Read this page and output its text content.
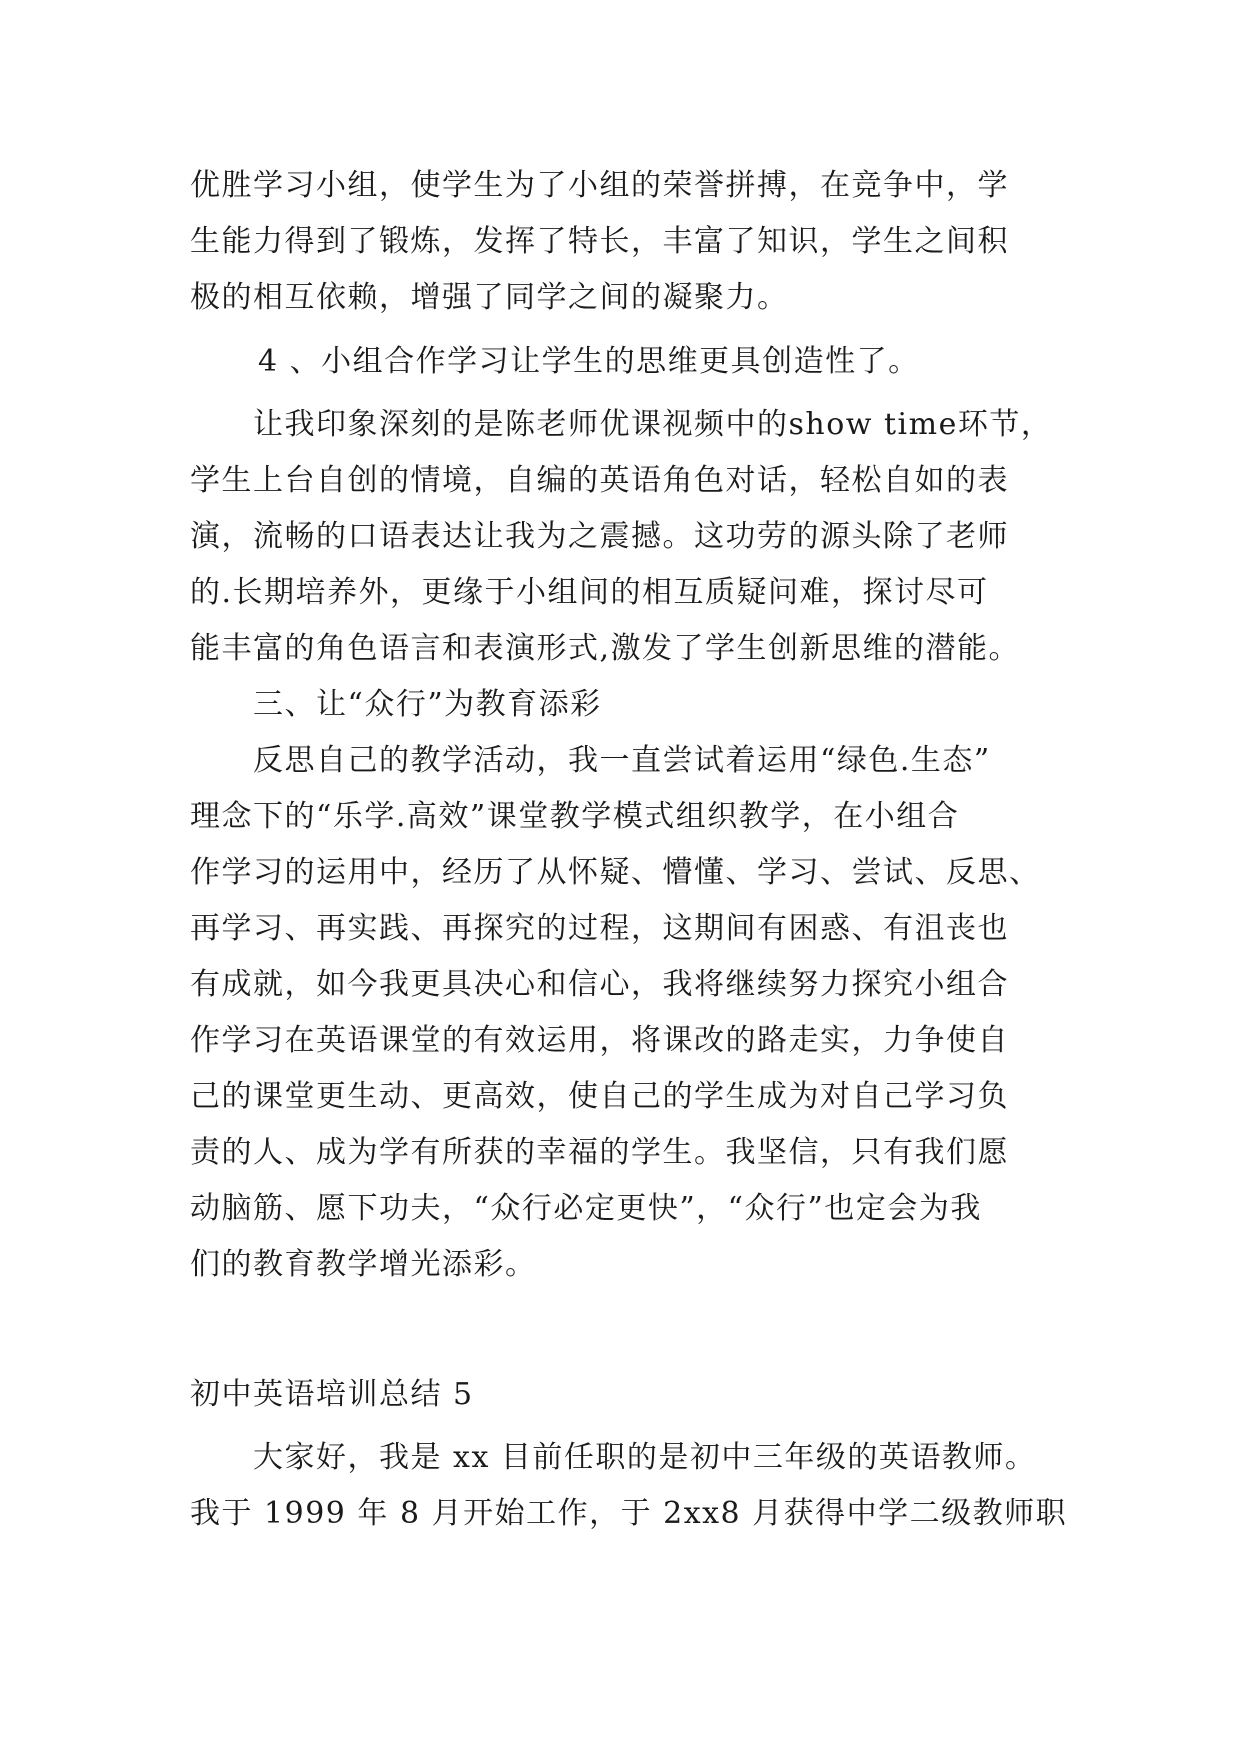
优胜学习小组，使学生为了小组的荣誉拼搏，在竞争中，学
生能力得到了锻炼，发挥了特长，丰富了知识，学生之间积
极的相互依赖，增强了同学之间的凝聚力。
4 、小组合作学习让学生的思维更具创造性了。
让我印象深刻的是陈老师优课视频中的show time环节，
学生上台自创的情境，自编的英语角色对话，轻松自如的表
演，流畅的口语表达让我为之震撼。这功劳的源头除了老师
的.长期培养外，更缘于小组间的相互质疑问难，探讨尽可
能丰富的角色语言和表演形式,激发了学生创新思维的潜能。
三、让“众行”为教育添彩
反思自己的教学活动，我一直尝试着运用“绿色.生态”
理念下的“乐学.高效”课堂教学模式组织教学，在小组合
作学习的运用中，经历了从怀疑、懵懂、学习、尝试、反思、
再学习、再实践、再探究的过程，这期间有困惑、有沮丧也
有成就，如今我更具决心和信心，我将继续努力探究小组合
作学习在英语课堂的有效运用，将课改的路走实，力争使自
己的课堂更生动、更高效，使自己的学生成为对自己学习负
责的人、成为学有所获的幸福的学生。我坚信，只有我们愿
动脑筋、愿下功夫，“众行必定更快”，“众行”也定会为我
们的教育教学增光添彩。
初中英语培训总结 5
大家好，我是 xx 目前任职的是初中三年级的英语教师。
我于 1999 年 8 月开始工作，于 2xx8 月获得中学二级教师职
